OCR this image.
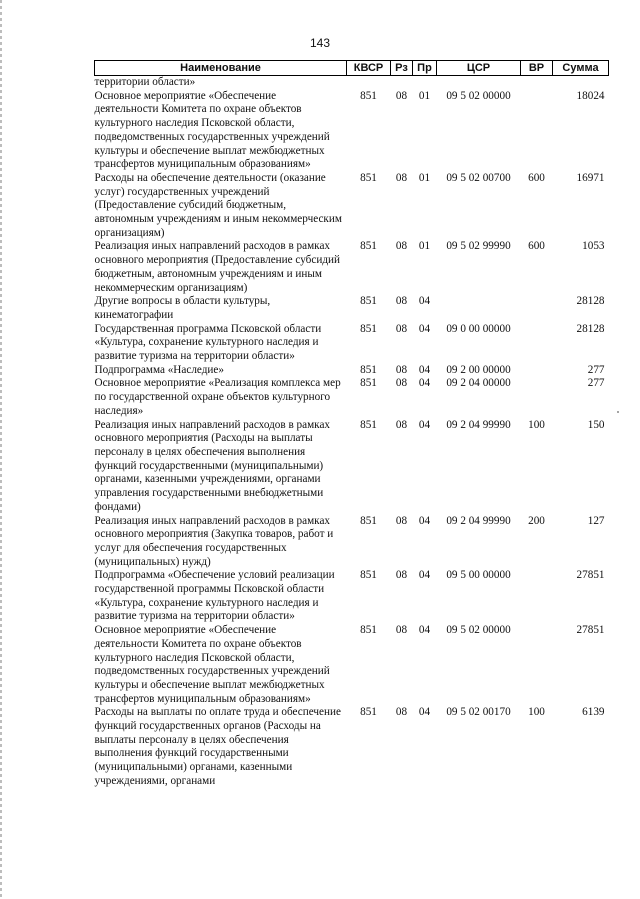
143
Наименование	КВСР	Рз	Пр	ЦСР	ВР	Сумма
территории области»						
Основное мероприятие «Обеспечение деятельности Комитета по охране объектов культурного наследия Псковской области, подведомственных государственных учреждений культуры и обеспечение выплат межбюджетных трансфертов муниципальным образованиям»	851	08	01	09 5 02 00000		18024
Расходы на обеспечение деятельности (оказание услуг) государственных учреждений (Предоставление субсидий бюджетным, автономным учреждениям и иным некоммерческим организациям)	851	08	01	09 5 02 00700	600	16971
Реализация иных направлений расходов в рамках основного мероприятия (Предоставление субсидий бюджетным, автономным учреждениям и иным некоммерческим организациям)	851	08	01	09 5 02 99990	600	1053
Другие вопросы в области культуры, кинематографии	851	08	04			28128
Государственная программа Псковской области «Культура, сохранение культурного наследия и развитие туризма на территории области»	851	08	04	09 0 00 00000		28128
Подпрограмма «Наследие»	851	08	04	09 2 00 00000		277
Основное мероприятие «Реализация комплекса мер по государственной охране объектов культурного наследия»	851	08	04	09 2 04 00000		277
Реализация иных направлений расходов в рамках основного мероприятия (Расходы на выплаты персоналу в целях обеспечения выполнения функций государственными (муниципальными) органами, казенными учреждениями, органами управления государственными внебюджетными фондами)	851	08	04	09 2 04 99990	100	150
Реализация иных направлений расходов в рамках основного мероприятия (Закупка товаров, работ и услуг для обеспечения государственных (муниципальных) нужд)	851	08	04	09 2 04 99990	200	127
Подпрограмма «Обеспечение условий реализации государственной программы Псковской области «Культура, сохранение культурного наследия и развитие туризма на территории области»	851	08	04	09 5 00 00000		27851
Основное мероприятие «Обеспечение деятельности Комитета по охране объектов культурного наследия Псковской области, подведомственных государственных учреждений культуры и обеспечение выплат межбюджетных трансфертов муниципальным образованиям»	851	08	04	09 5 02 00000		27851
Расходы на выплаты по оплате труда и обеспечение функций государственных органов (Расходы на выплаты персоналу в целях обеспечения выполнения функций государственными (муниципальными) органами, казенными учреждениями, органами	851	08	04	09 5 02 00170	100	6139
